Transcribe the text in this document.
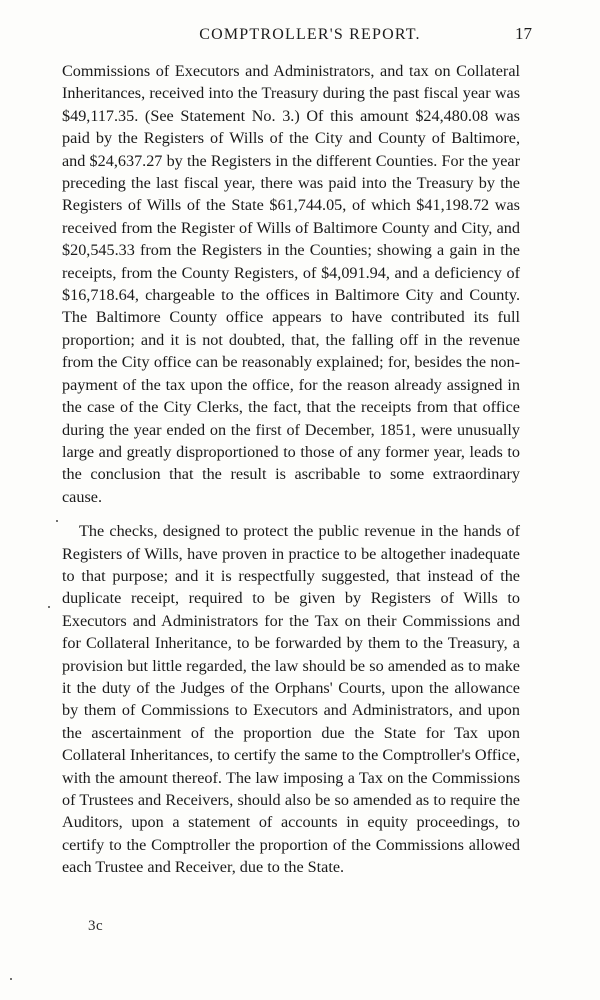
COMPTROLLER'S REPORT.	17

Commissions of Executors and Administrators, and tax on Collateral Inheritances, received into the Treasury during the past fiscal year was $49,117.35. (See Statement No. 3.) Of this amount $24,480.08 was paid by the Registers of Wills of the City and County of Baltimore, and $24,637.27 by the Registers in the different Counties. For the year preceding the last fiscal year, there was paid into the Treasury by the Registers of Wills of the State $61,744.05, of which $41,198.72 was received from the Register of Wills of Baltimore County and City, and $20,545.33 from the Registers in the Counties; showing a gain in the receipts, from the County Registers, of $4,091.94, and a deficiency of $16,718.64, chargeable to the offices in Baltimore City and County. The Baltimore County office appears to have contributed its full proportion; and it is not doubted, that, the falling off in the revenue from the City office can be reasonably explained; for, besides the non-payment of the tax upon the office, for the reason already assigned in the case of the City Clerks, the fact, that the receipts from that office during the year ended on the first of December, 1851, were unusually large and greatly disproportioned to those of any former year, leads to the conclusion that the result is ascribable to some extraordinary cause.

The checks, designed to protect the public revenue in the hands of Registers of Wills, have proven in practice to be altogether inadequate to that purpose; and it is respectfully suggested, that instead of the duplicate receipt, required to be given by Registers of Wills to Executors and Administrators for the Tax on their Commissions and for Collateral Inheritance, to be forwarded by them to the Treasury, a provision but little regarded, the law should be so amended as to make it the duty of the Judges of the Orphans' Courts, upon the allowance by them of Commissions to Executors and Administrators, and upon the ascertainment of the proportion due the State for Tax upon Collateral Inheritances, to certify the same to the Comptroller's Office, with the amount thereof. The law imposing a Tax on the Commissions of Trustees and Receivers, should also be so amended as to require the Auditors, upon a statement of accounts in equity proceedings, to certify to the Comptroller the proportion of the Commissions allowed each Trustee and Receiver, due to the State.

3c
